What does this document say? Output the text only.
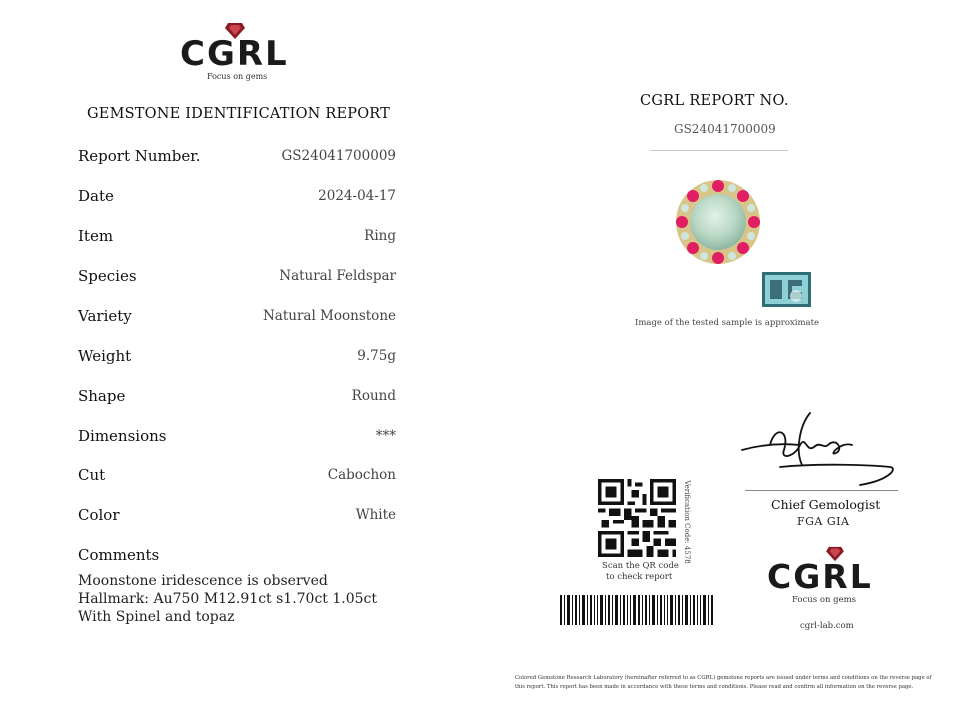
CGRL
Focus on gems
GEMSTONE IDENTIFICATION REPORT
Report Number.	GS24041700009
Date	2024-04-17
Item	Ring
Species	Natural Feldspar
Variety	Natural Moonstone
Weight	9.75g
Shape	Round
Dimensions	***
Cut	Cabochon
Color	White
Comments
Moonstone iridescence is observed
Hallmark: Au750 M12.91ct s1.70ct 1.05ct
With Spinel and topaz
CGRL REPORT NO.
GS24041700009
Image of the tested sample is approximate
Chief Gemologist
FGA GIA
Verification Code: 4578
Scan the QR code
to check report	CGRL
Focus on gems
cgrl-lab.com
Colored Gemstone Research Laboratory (hereinafter referred to as CGRL) gemstone reports are issued under terms and conditions on the reverse page of
this report. This report has been made in accordance with these terms and conditions. Please read and confirm all information on the reverse page.
